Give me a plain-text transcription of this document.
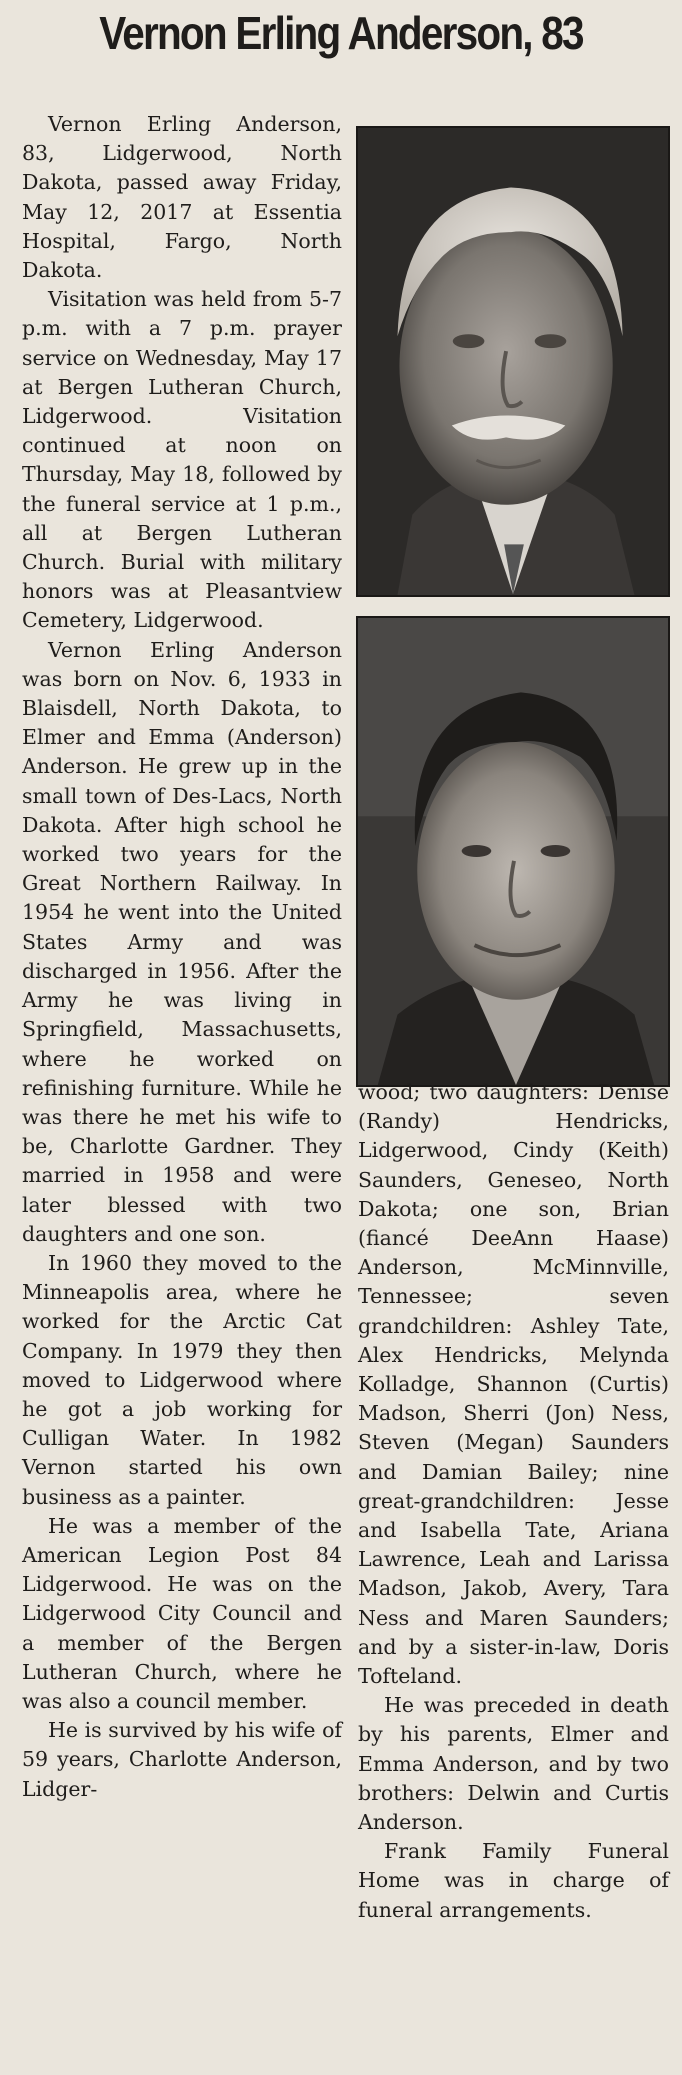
Vernon Erling Anderson, 83

Vernon Erling Anderson, 83, Lidgerwood, North Dakota, passed away Friday, May 12, 2017 at Essentia Hospital, Fargo, North Dakota.

Visitation was held from 5-7 p.m. with a 7 p.m. prayer service on Wednesday, May 17 at Bergen Lutheran Church, Lidgerwood. Visitation continued at noon on Thursday, May 18, followed by the funeral service at 1 p.m., all at Bergen Lutheran Church. Burial with military honors was at Pleasantview Cemetery, Lidgerwood.

Vernon Erling Anderson was born on Nov. 6, 1933 in Blaisdell, North Dakota, to Elmer and Emma (Anderson) Anderson. He grew up in the small town of Des-Lacs, North Dakota. After high school he worked two years for the Great Northern Railway. In 1954 he went into the United States Army and was discharged in 1956. After the Army he was living in Springfield, Massachusetts, where he worked on refinishing furniture. While he was there he met his wife to be, Charlotte Gardner. They married in 1958 and were later blessed with two daughters and one son.

In 1960 they moved to the Minneapolis area, where he worked for the Arctic Cat Company. In 1979 they then moved to Lidgerwood where he got a job working for Culligan Water. In 1982 Vernon started his own business as a painter.

He was a member of the American Legion Post 84 Lidgerwood. He was on the Lidgerwood City Council and a member of the Bergen Lutheran Church, where he was also a council member.

He is survived by his wife of 59 years, Charlotte Anderson, Lidger-

wood; two daughters: Denise (Randy) Hendricks, Lidgerwood, Cindy (Keith) Saunders, Geneseo, North Dakota; one son, Brian (fiancé DeeAnn Haase) Anderson, McMinnville, Tennessee; seven grandchildren: Ashley Tate, Alex Hendricks, Melynda Kolladge, Shannon (Curtis) Madson, Sherri (Jon) Ness, Steven (Megan) Saunders and Damian Bailey; nine great-grandchildren: Jesse and Isabella Tate, Ariana Lawrence, Leah and Larissa Madson, Jakob, Avery, Tara Ness and Maren Saunders; and by a sister-in-law, Doris Tofteland.

He was preceded in death by his parents, Elmer and Emma Anderson, and by two brothers: Delwin and Curtis Anderson.

Frank Family Funeral Home was in charge of funeral arrangements.
